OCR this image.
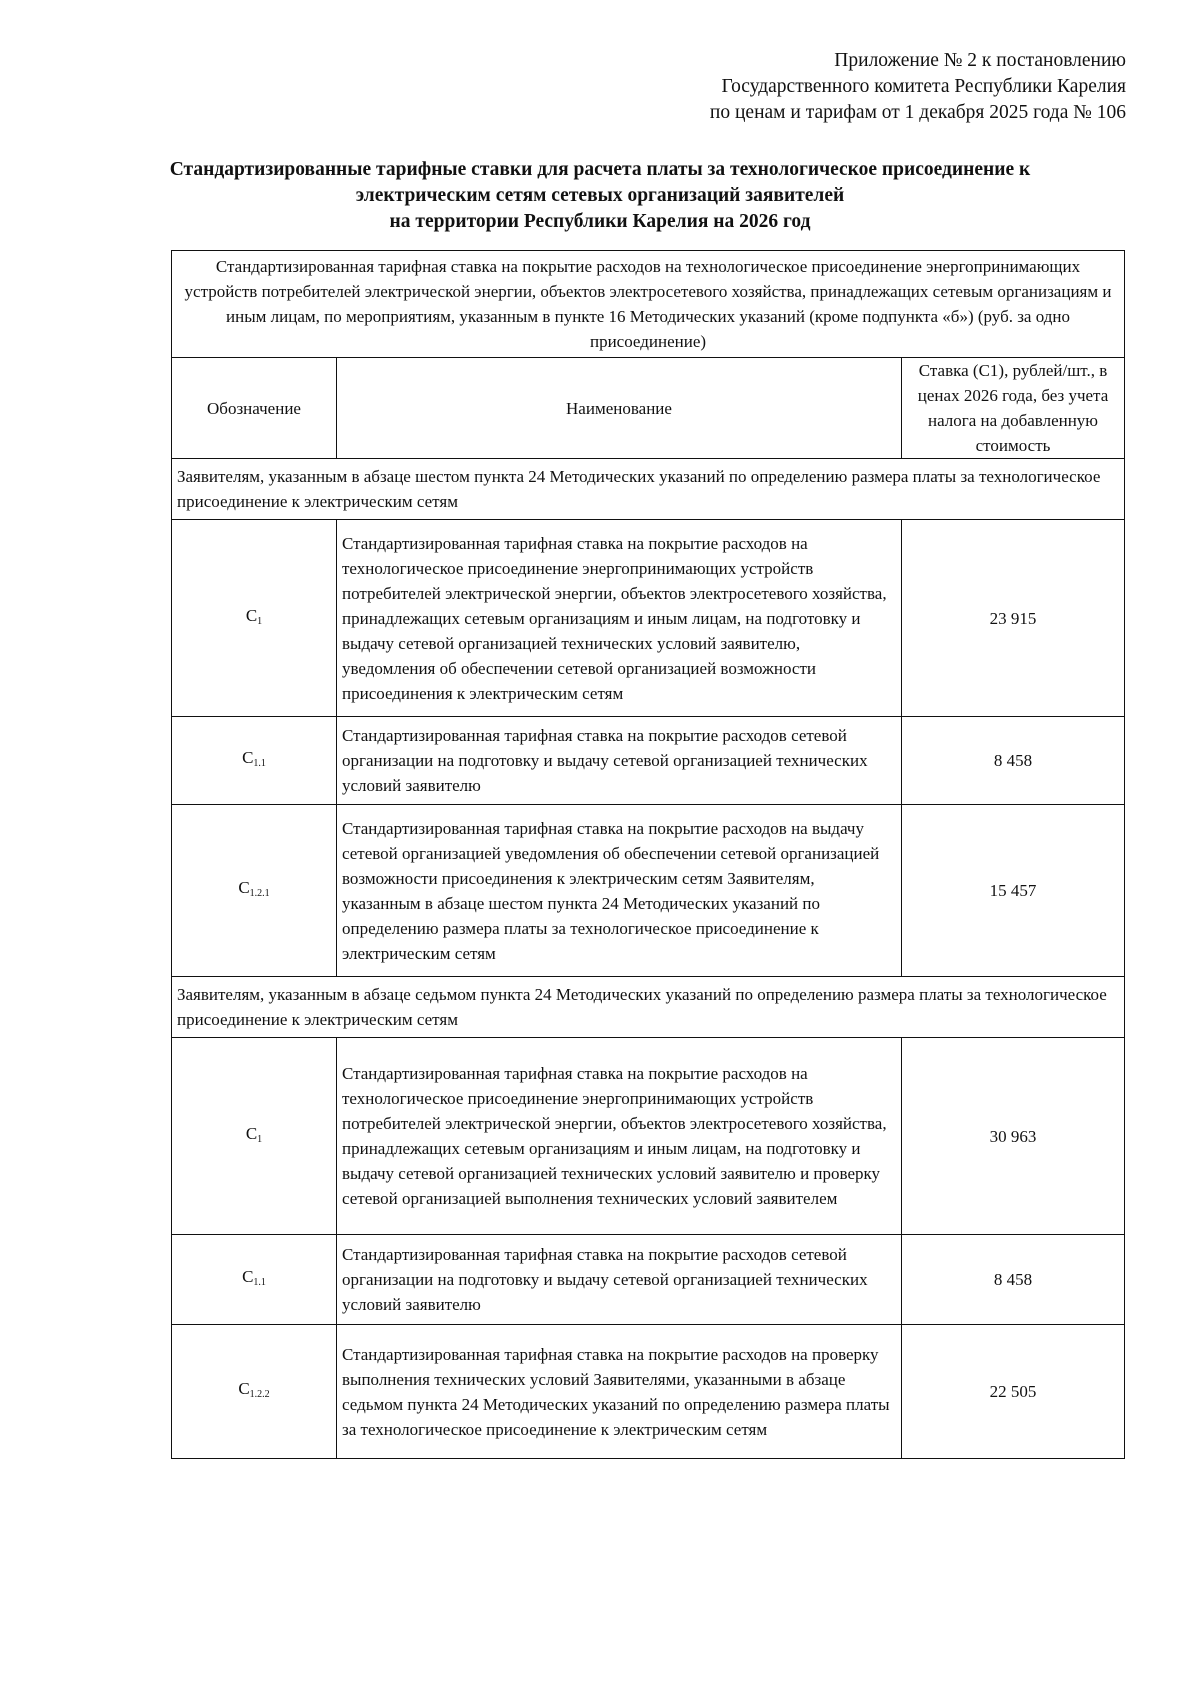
Приложение № 2 к постановлению
Государственного комитета Республики Карелия
по ценам и тарифам от 1 декабря 2025 года № 106
Стандартизированные тарифные ставки для расчета платы за технологическое присоединение к
электрическим сетям сетевых организаций заявителей
на территории Республики Карелия на 2026 год
Стандартизированная тарифная ставка на покрытие расходов на технологическое присоединение энергопринимающих устройств потребителей электрической энергии, объектов электросетевого хозяйства, принадлежащих сетевым организациям и иным лицам, по мероприятиям, указанным в пункте 16 Методических указаний (кроме подпункта «б») (руб. за одно присоединение)		
Обозначение	Наименование	Ставка (С1), рублей/шт., в ценах 2026 года, без учета налога на добавленную стоимость
Заявителям, указанным в абзаце шестом пункта 24 Методических указаний по определению размера платы за технологическое присоединение к электрическим сетям		
$С_1$	Стандартизированная тарифная ставка на покрытие расходов на технологическое присоединение энергопринимающих устройств потребителей электрической энергии, объектов электросетевого хозяйства, принадлежащих сетевым организациям и иным лицам, на подготовку и выдачу сетевой организацией технических условий заявителю, уведомления об обеспечении сетевой организацией возможности присоединения к электрическим сетям	23 915
$С_{1.1}$	Стандартизированная тарифная ставка на покрытие расходов сетевой организации на подготовку и выдачу сетевой организацией технических условий заявителю	8 458
$С_{1.2.1}$	Стандартизированная тарифная ставка на покрытие расходов на выдачу сетевой организацией уведомления об обеспечении сетевой организацией возможности присоединения к электрическим сетям Заявителям, указанным в абзаце шестом пункта 24 Методических указаний по определению размера платы за технологическое присоединение к электрическим сетям	15 457
Заявителям, указанным в абзаце седьмом пункта 24 Методических указаний по определению размера платы за технологическое присоединение к электрическим сетям		
$С_1$	Стандартизированная тарифная ставка на покрытие расходов на технологическое присоединение энергопринимающих устройств потребителей электрической энергии, объектов электросетевого хозяйства, принадлежащих сетевым организациям и иным лицам, на подготовку и выдачу сетевой организацией технических условий заявителю и проверку сетевой организацией выполнения технических условий заявителем	30 963
$С_{1.1}$	Стандартизированная тарифная ставка на покрытие расходов сетевой организации на подготовку и выдачу сетевой организацией технических условий заявителю	8 458
$С_{1.2.2}$	Стандартизированная тарифная ставка на покрытие расходов на проверку выполнения технических условий Заявителями, указанными в абзаце седьмом пункта 24 Методических указаний по определению размера платы за технологическое присоединение к электрическим сетям	22 505
